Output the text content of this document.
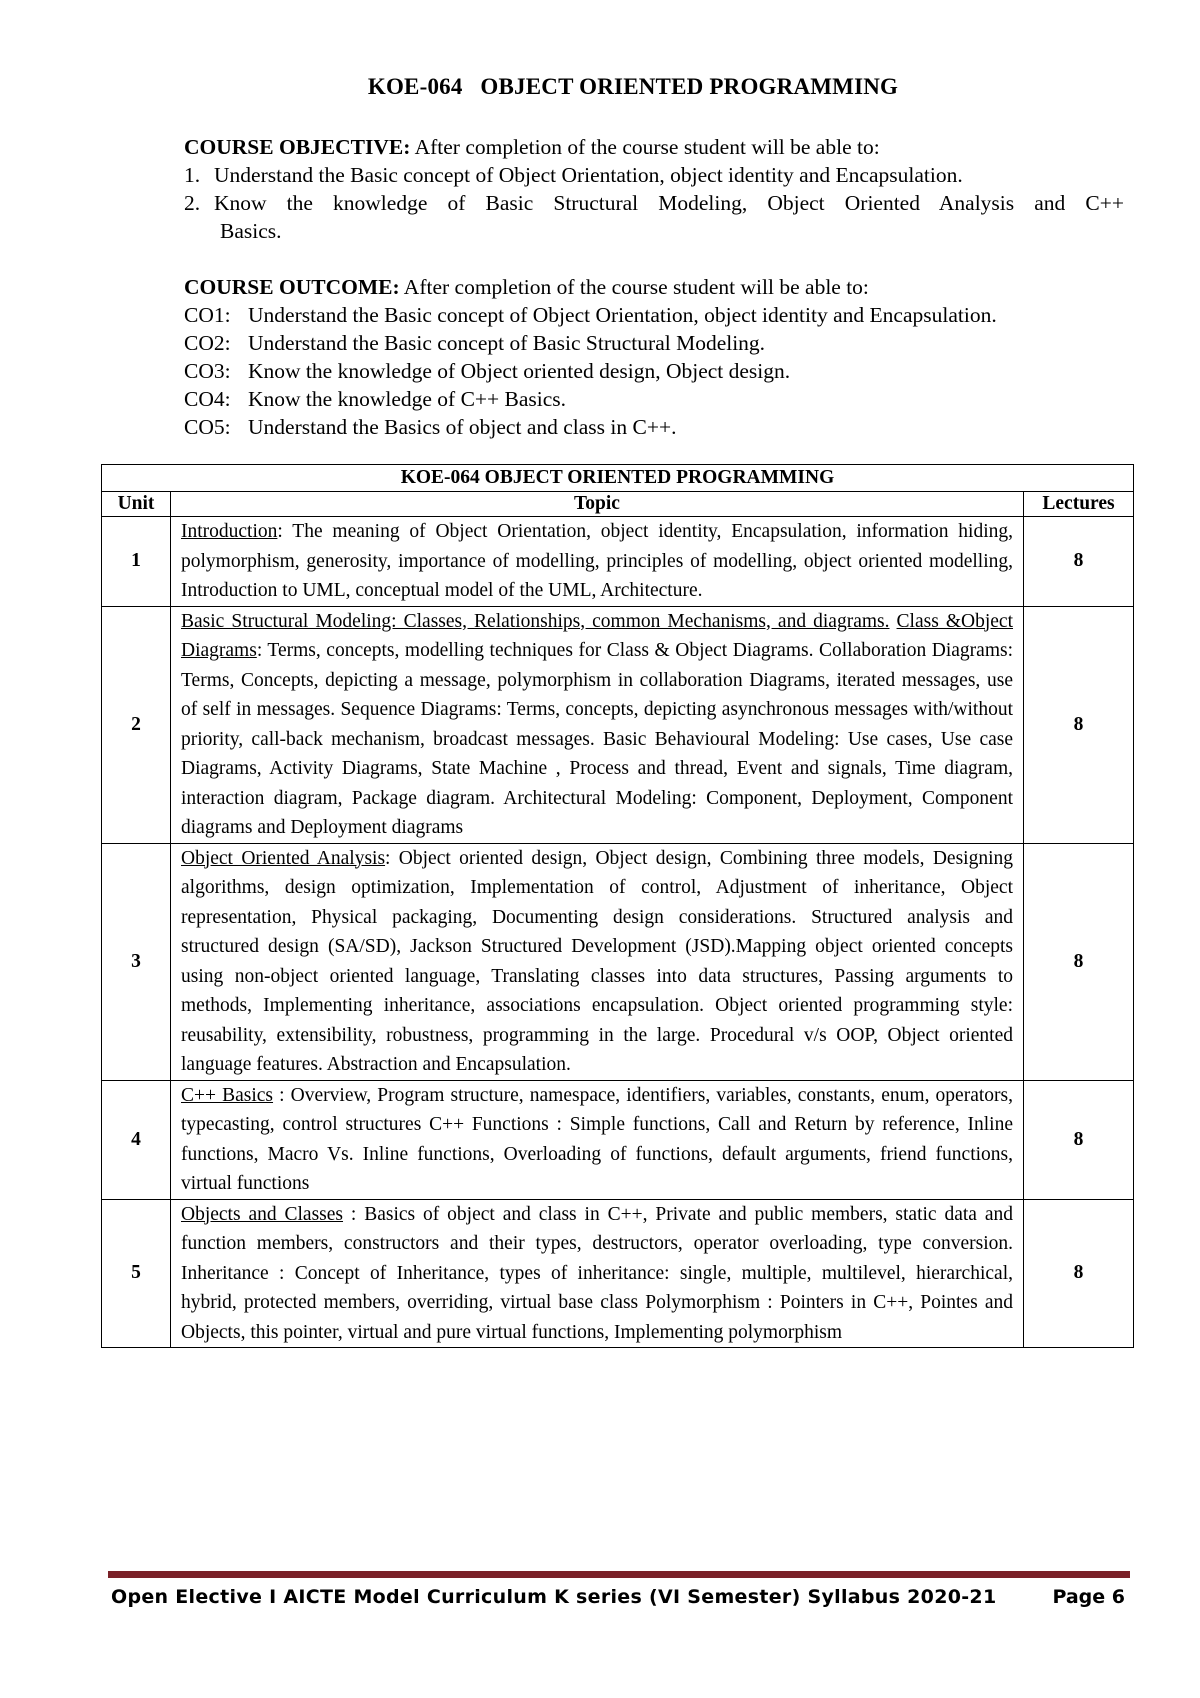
KOE-064   OBJECT ORIENTED PROGRAMMING
COURSE OBJECTIVE: After completion of the course student will be able to:
1. Understand the Basic concept of Object Orientation, object identity and Encapsulation.
2. Know the knowledge of Basic Structural Modeling, Object Oriented Analysis and C++
Basics.
COURSE OUTCOME: After completion of the course student will be able to:
CO1: Understand the Basic concept of Object Orientation, object identity and Encapsulation.
CO2: Understand the Basic concept of Basic Structural Modeling.
CO3: Know the knowledge of Object oriented design, Object design.
CO4: Know the knowledge of C++ Basics.
CO5: Understand the Basics of object and class in C++.
KOE-064 OBJECT ORIENTED PROGRAMMING		
Unit	Topic	Lectures
1	Introduction: The meaning of Object Orientation, object identity, Encapsulation, information hiding, polymorphism, generosity, importance of modelling, principles of modelling, object oriented modelling, Introduction to UML, conceptual model of the UML, Architecture.	8
2	Basic Structural Modeling: Classes, Relationships, common Mechanisms, and diagrams. Class &Object Diagrams: Terms, concepts, modelling techniques for Class & Object Diagrams. Collaboration Diagrams: Terms, Concepts, depicting a message, polymorphism in collaboration Diagrams, iterated messages, use of self in messages. Sequence Diagrams: Terms, concepts, depicting asynchronous messages with/without priority, call-back mechanism, broadcast messages. Basic Behavioural Modeling: Use cases, Use case Diagrams, Activity Diagrams, State Machine , Process and thread, Event and signals, Time diagram, interaction diagram, Package diagram. Architectural Modeling: Component, Deployment, Component diagrams and Deployment diagrams	8
3	Object Oriented Analysis: Object oriented design, Object design, Combining three models, Designing algorithms, design optimization, Implementation of control, Adjustment of inheritance, Object representation, Physical packaging, Documenting design considerations. Structured analysis and structured design (SA/SD), Jackson Structured Development (JSD).Mapping object oriented concepts using non-object oriented language, Translating classes into data structures, Passing arguments to methods, Implementing inheritance, associations encapsulation. Object oriented programming style: reusability, extensibility, robustness, programming in the large. Procedural v/s OOP, Object oriented language features. Abstraction and Encapsulation.	8
4	C++ Basics : Overview, Program structure, namespace, identifiers, variables, constants, enum, operators, typecasting, control structures C++ Functions : Simple functions, Call and Return by reference, Inline functions, Macro Vs. Inline functions, Overloading of functions, default arguments, friend functions, virtual functions	8
5	Objects and Classes : Basics of object and class in C++, Private and public members, static data and function members, constructors and their types, destructors, operator overloading, type conversion. Inheritance : Concept of Inheritance, types of inheritance: single, multiple, multilevel, hierarchical, hybrid, protected members, overriding, virtual base class Polymorphism : Pointers in C++, Pointes and Objects, this pointer, virtual and pure virtual functions, Implementing polymorphism	8
Open Elective I AICTE Model Curriculum K series (VI Semester) Syllabus 2020-21	Page 6
